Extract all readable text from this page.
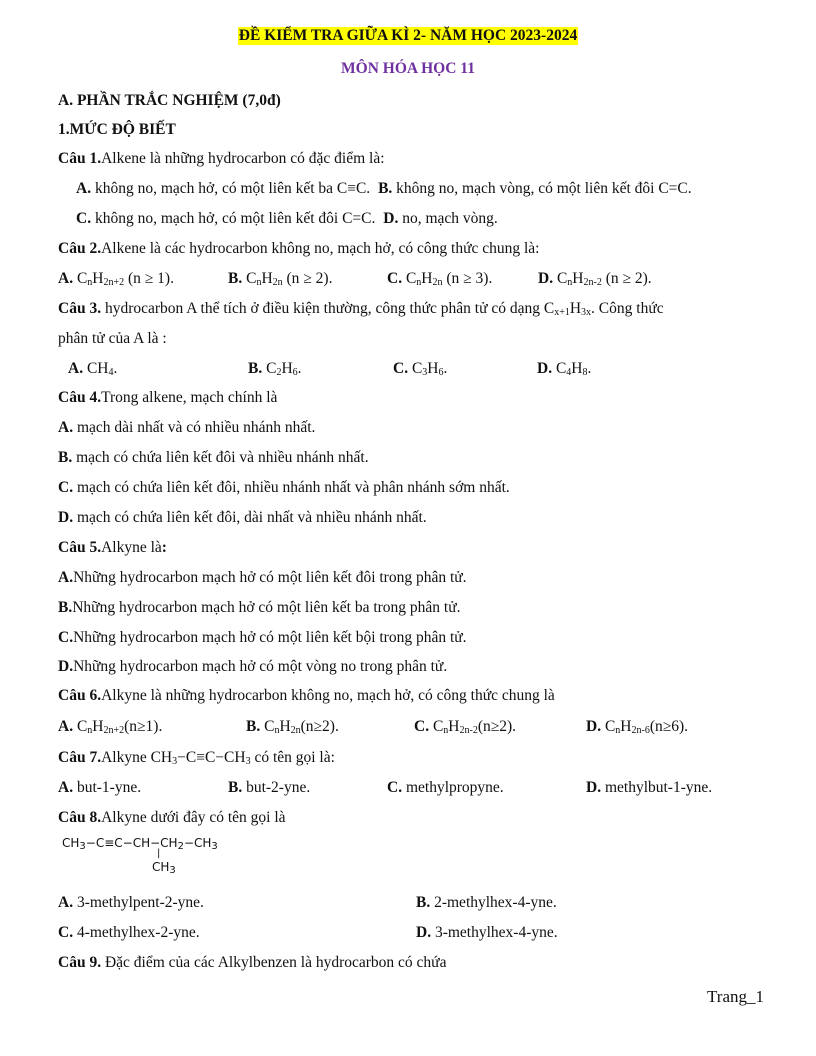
ĐỀ KIỂM TRA GIỮA KÌ 2- NĂM HỌC 2023-2024
MÔN HÓA HỌC 11
A. PHẦN TRẮC NGHIỆM (7,0đ)
1.MỨC ĐỘ BIẾT
Câu 1.Alkene là những hydrocarbon có đặc điểm là:
A. không no, mạch hở, có một liên kết ba C≡C. B. không no, mạch vòng, có một liên kết đôi C=C.
C. không no, mạch hở, có một liên kết đôi C=C. D. no, mạch vòng.
Câu 2.Alkene là các hydrocarbon không no, mạch hở, có công thức chung là:
A. $C_nH_{2n+2}$ (n ≥ 1).	B. $C_nH_{2n}$ (n ≥ 2).	C. $C_nH_{2n}$ (n ≥ 3).	D. $C_nH_{2n-2}$ (n ≥ 2).
Câu 3. hydrocarbon A thể tích ở điều kiện thường, công thức phân tử có dạng $C_{x+1}H_{3x}$. Công thức
phân tử của A là :
A. $CH_4$.	B. $C_2H_6$.	C. $C_3H_6$.	D. $C_4H_8$.
Câu 4.Trong alkene, mạch chính là
A. mạch dài nhất và có nhiều nhánh nhất.
B. mạch có chứa liên kết đôi và nhiều nhánh nhất.
C. mạch có chứa liên kết đôi, nhiều nhánh nhất và phân nhánh sớm nhất.
D. mạch có chứa liên kết đôi, dài nhất và nhiều nhánh nhất.
Câu 5.Alkyne là:
A.Những hydrocarbon mạch hở có một liên kết đôi trong phân tử.
B.Những hydrocarbon mạch hở có một liên kết ba trong phân tử.
C.Những hydrocarbon mạch hở có một liên kết bội trong phân tử.
D.Những hydrocarbon mạch hở có một vòng no trong phân tử.
Câu 6.Alkyne là những hydrocarbon không no, mạch hở, có công thức chung là
A. $C_nH_{2n+2}(n\ge 1)$.	B. $C_nH_{2n}(n\ge 2)$.	C. $C_nH_{2n-2}(n\ge 2)$.	D. $C_nH_{2n-6}(n\ge 6)$.
Câu 7.Alkyne $CH_3-C\equiv C-CH_3$ có tên gọi là:
A. but-1-yne.	B. but-2-yne.	C. methylpropyne.	D. methylbut-1-yne.
Câu 8.Alkyne dưới đây có tên gọi là
$CH_3-C\equiv C-CH-CH_2-CH_3$
|
$CH_3$
A. 3-methylpent-2-yne.	B. 2-methylhex-4-yne.
C. 4-methylhex-2-yne.	D. 3-methylhex-4-yne.
Câu 9. Đặc điểm của các Alkylbenzen là hydrocarbon có chứa
Trang_1
